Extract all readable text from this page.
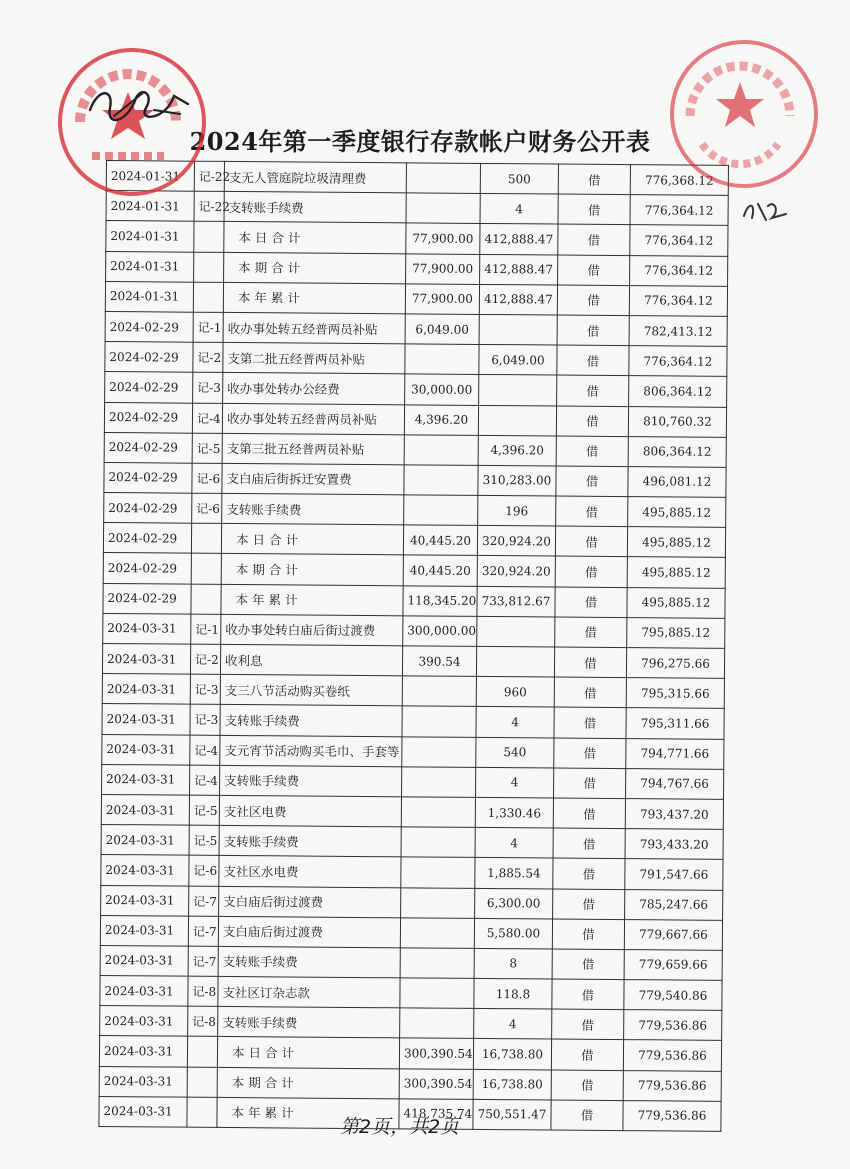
2024年第一季度银行存款帐户财务公开表
2024-01-31	记-22	支无人管庭院垃圾清理费		500	借	776,368.12
2024-01-31	记-22	支转账手续费		4	借	776,364.12
2024-01-31		本日合计	77,900.00	412,888.47	借	776,364.12
2024-01-31		本期合计	77,900.00	412,888.47	借	776,364.12
2024-01-31		本年累计	77,900.00	412,888.47	借	776,364.12
2024-02-29	记-1	收办事处转五经普两员补贴	6,049.00		借	782,413.12
2024-02-29	记-2	支第二批五经普两员补贴		6,049.00	借	776,364.12
2024-02-29	记-3	收办事处转办公经费	30,000.00		借	806,364.12
2024-02-29	记-4	收办事处转五经普两员补贴	4,396.20		借	810,760.32
2024-02-29	记-5	支第三批五经普两员补贴		4,396.20	借	806,364.12
2024-02-29	记-6	支白庙后街拆迁安置费		310,283.00	借	496,081.12
2024-02-29	记-6	支转账手续费		196	借	495,885.12
2024-02-29		本日合计	40,445.20	320,924.20	借	495,885.12
2024-02-29		本期合计	40,445.20	320,924.20	借	495,885.12
2024-02-29		本年累计	118,345.20	733,812.67	借	495,885.12
2024-03-31	记-1	收办事处转白庙后街过渡费	300,000.00		借	795,885.12
2024-03-31	记-2	收利息	390.54		借	796,275.66
2024-03-31	记-3	支三八节活动购买卷纸		960	借	795,315.66
2024-03-31	记-3	支转账手续费		4	借	795,311.66
2024-03-31	记-4	支元宵节活动购买毛巾、手套等		540	借	794,771.66
2024-03-31	记-4	支转账手续费		4	借	794,767.66
2024-03-31	记-5	支社区电费		1,330.46	借	793,437.20
2024-03-31	记-5	支转账手续费		4	借	793,433.20
2024-03-31	记-6	支社区水电费		1,885.54	借	791,547.66
2024-03-31	记-7	支白庙后街过渡费		6,300.00	借	785,247.66
2024-03-31	记-7	支白庙后街过渡费		5,580.00	借	779,667.66
2024-03-31	记-7	支转账手续费		8	借	779,659.66
2024-03-31	记-8	支社区订杂志款		118.8	借	779,540.86
2024-03-31	记-8	支转账手续费		4	借	779,536.86
2024-03-31		本日合计	300,390.54	16,738.80	借	779,536.86
2024-03-31		本期合计	300,390.54	16,738.80	借	779,536.86
2024-03-31		本年累计	418,735.74	750,551.47	借	779,536.86
第2页，共2页
